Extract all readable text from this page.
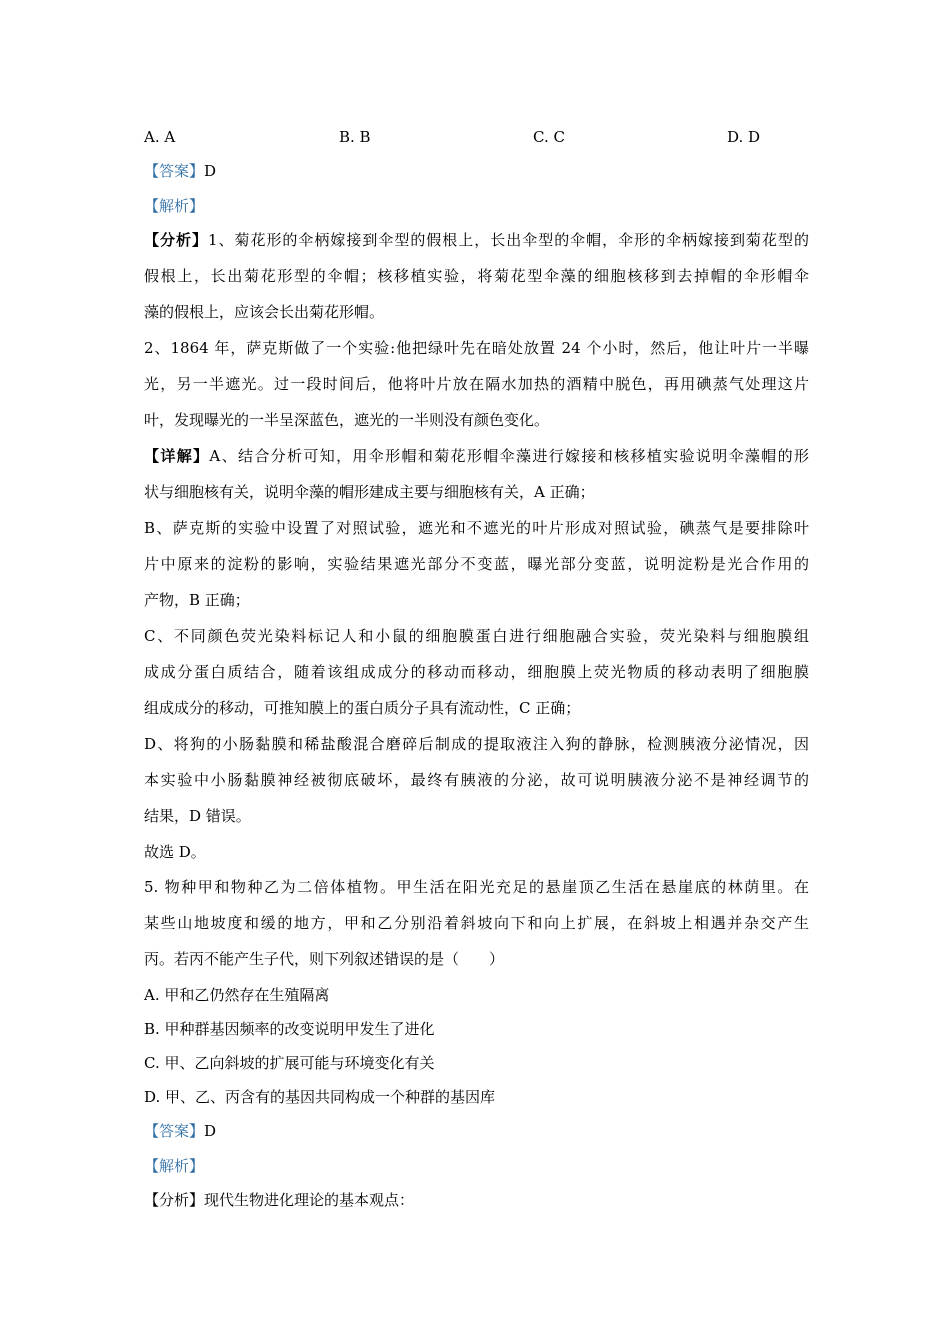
A. A	B. B	C. C	D. D
【答案】D
【解析】
【分析】1、菊花形的伞柄嫁接到伞型的假根上，长出伞型的伞帽，伞形的伞柄嫁接到菊花型的
假根上，长出菊花形型的伞帽；核移植实验，将菊花型伞藻的细胞核移到去掉帽的伞形帽伞
藻的假根上，应该会长出菊花形帽。
2、1864 年，萨克斯做了一个实验:他把绿叶先在暗处放置 24 个小时，然后，他让叶片一半曝
光，另一半遮光。过一段时间后，他将叶片放在隔水加热的酒精中脱色，再用碘蒸气处理这片
叶，发现曝光的一半呈深蓝色，遮光的一半则没有颜色变化。
【详解】A、结合分析可知，用伞形帽和菊花形帽伞藻进行嫁接和核移植实验说明伞藻帽的形
状与细胞核有关，说明伞藻的帽形建成主要与细胞核有关，A 正确；
B、萨克斯的实验中设置了对照试验，遮光和不遮光的叶片形成对照试验，碘蒸气是要排除叶
片中原来的淀粉的影响，实验结果遮光部分不变蓝，曝光部分变蓝，说明淀粉是光合作用的
产物，B 正确；
C、不同颜色荧光染料标记人和小鼠的细胞膜蛋白进行细胞融合实验，荧光染料与细胞膜组
成成分蛋白质结合，随着该组成成分的移动而移动，细胞膜上荧光物质的移动表明了细胞膜
组成成分的移动，可推知膜上的蛋白质分子具有流动性，C 正确；
D、将狗的小肠黏膜和稀盐酸混合磨碎后制成的提取液注入狗的静脉，检测胰液分泌情况，因
本实验中小肠黏膜神经被彻底破坏，最终有胰液的分泌，故可说明胰液分泌不是神经调节的
结果，D 错误。
故选 D。
5. 物种甲和物种乙为二倍体植物。甲生活在阳光充足的悬崖顶乙生活在悬崖底的林荫里。在
某些山地坡度和缓的地方，甲和乙分别沿着斜坡向下和向上扩展，在斜坡上相遇并杂交产生
丙。若丙不能产生子代，则下列叙述错误的是（　　）
A. 甲和乙仍然存在生殖隔离
B. 甲种群基因频率的改变说明甲发生了进化
C. 甲、乙向斜坡的扩展可能与环境变化有关
D. 甲、乙、丙含有的基因共同构成一个种群的基因库
【答案】D
【解析】
【分析】现代生物进化理论的基本观点：
